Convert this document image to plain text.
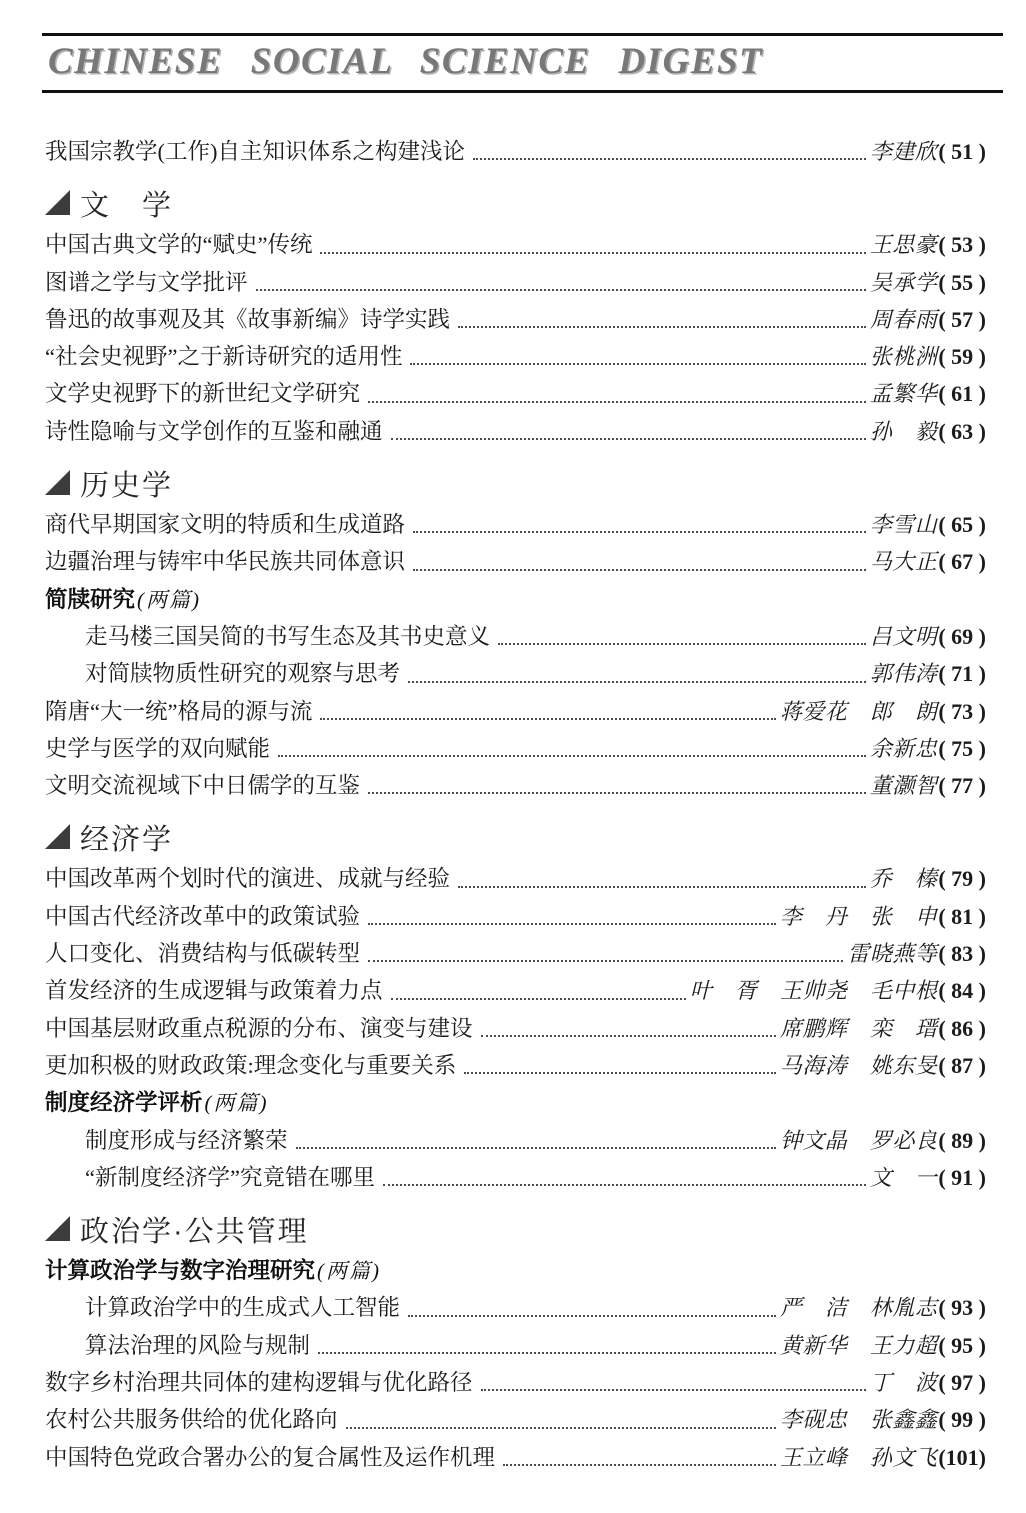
CHINESE SOCIAL SCIENCE DIGEST
我国宗教学(工作)自主知识体系之构建浅论	李建欣 ( 51 )
文　学
中国古典文学的“赋史”传统	王思豪 ( 53 )
图谱之学与文学批评	吴承学 ( 55 )
鲁迅的故事观及其《故事新编》诗学实践	周春雨 ( 57 )
“社会史视野”之于新诗研究的适用性	张桃洲 ( 59 )
文学史视野下的新世纪文学研究	孟繁华 ( 61 )
诗性隐喻与文学创作的互鉴和融通	孙　毅 ( 63 )
历史学
商代早期国家文明的特质和生成道路	李雪山 ( 65 )
边疆治理与铸牢中华民族共同体意识	马大正 ( 67 )
简牍研究 (两篇)
走马楼三国吴简的书写生态及其书史意义	吕文明 ( 69 )
对简牍物质性研究的观察与思考	郭伟涛 ( 71 )
隋唐“大一统”格局的源与流	蒋爱花　郎　朗 ( 73 )
史学与医学的双向赋能	余新忠 ( 75 )
文明交流视域下中日儒学的互鉴	董灏智 ( 77 )
经济学
中国改革两个划时代的演进、成就与经验	乔　榛 ( 79 )
中国古代经济改革中的政策试验	李　丹　张　申 ( 81 )
人口变化、消费结构与低碳转型	雷晓燕等 ( 83 )
首发经济的生成逻辑与政策着力点	叶　胥　王帅尧　毛中根 ( 84 )
中国基层财政重点税源的分布、演变与建设	席鹏辉　栾　瑨 ( 86 )
更加积极的财政政策:理念变化与重要关系	马海涛　姚东旻 ( 87 )
制度经济学评析 (两篇)
制度形成与经济繁荣	钟文晶　罗必良 ( 89 )
“新制度经济学”究竟错在哪里	文　一 ( 91 )
政治学·公共管理
计算政治学与数字治理研究 (两篇)
计算政治学中的生成式人工智能	严　洁　林胤志 ( 93 )
算法治理的风险与规制	黄新华　王力超 ( 95 )
数字乡村治理共同体的建构逻辑与优化路径	丁　波 ( 97 )
农村公共服务供给的优化路向	李砚忠　张鑫鑫 ( 99 )
中国特色党政合署办公的复合属性及运作机理	王立峰　孙文飞 (101)
